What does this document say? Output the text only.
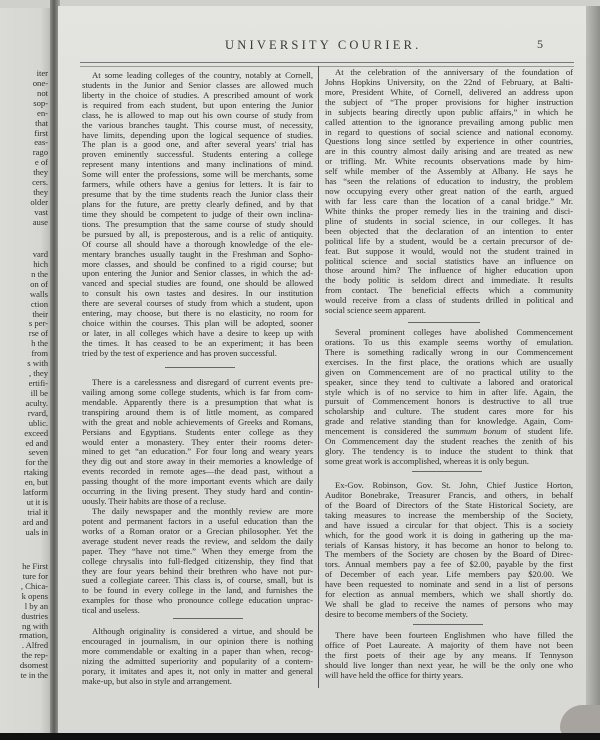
iter
one-
not
sop-
en-
that
first
eas-
rago
e of
they
cers.
they
older
vast
ause
vard
hich
n the
on of
walls
ction
their
s per-
rse of
h the
from
s with
, they
ertifi-
ill be
aculty.
rvard,
ublic.
exceed
ed and
seven
for the
rtaking
en, but
latform
ut it is
trial it
ard and
uals in
he First
ture for
, Chica-
k opens
l by an
dustries
ng with
rmation,
. Alfred
the rep-
dsomest
te in the
UNIVERSITY COURIER.	5
At some leading colleges of the country, notably at Cornell,
students in the Junior and Senior classes are allowed much
liberty in the choice of studies. A prescribed amount of work
is required from each student, but upon entering the Junior
class, he is allowed to map out his own course of study from
the various branches taught. This course must, of necessity,
have limits, depending upon the logical sequence of studies.
The plan is a good one, and after several years' trial has
proven eminently successful. Students entering a college
represent many intentions and many inclinations of mind.
Some will enter the professions, some will be merchants, some
farmers, while others have a genius for letters. It is fair to
presume that by the time students reach the Junior class their
plans for the future, are pretty clearly defined, and by that
time they should be competent to judge of their own inclina-
tions. The presumption that the same course of study should
be pursued by all, is preposterous, and is a relic of antiquity.
Of course all should have a thorough knowledge of the ele-
mentary branches usually taught in the Freshman and Sopho-
more classes, and should be confined to a rigid course; but
upon entering the Junior and Senior classes, in which the ad-
vanced and special studies are found, one should be allowed
to consult his own tastes and desires. In our institution
there are several courses of study from which a student, upon
entering, may choose, but there is no elasticity, no room for
choice within the courses. This plan will be adopted, sooner
or later, in all colleges which have a desire to keep up with
the times. It has ceased to be an experiment; it has been
tried by the test of experience and has proven successful.
There is a carelessness and disregard of current events pre-
vailing among some college students, which is far from com-
mendable. Apparently there is a presumption that what is
transpiring around them is of little moment, as compared
with the great and noble achievements of Greeks and Romans,
Persians and Egyptians. Students enter college as they
would enter a monastery. They enter their rooms deter-
mined to get “an education.” For four long and weary years
they dig out and store away in their memories a knowledge of
events recorded in remote ages—the dead past, without a
passing thought of the more important events which are daily
occurring in the living present. They study hard and contin-
uously. Their habits are those of a recluse.
The daily newspaper and the monthly review are more
potent and permanent factors in a useful education than the
works of a Roman orator or a Grecian philosopher. Yet the
average student never reads the review, and seldom the daily
paper. They “have not time.” When they emerge from the
college chrysalis into full-fledged citizenship, they find that
they are four years behind their brethren who have not pur-
sued a collegiate career. This class is, of course, small, but is
to be found in every college in the land, and furnishes the
examples for those who pronounce college education unprac-
tical and useless.
Although originality is considered a virtue, and should be
encouraged in journalism, in our opinion there is nothing
more commendable or exalting in a paper than when, recog-
nizing the admitted superiority and popularity of a contem-
porary, it imitates and apes it, not only in matter and general
make-up, but also in style and arrangement.
At the celebration of the anniversary of the foundation of
Johns Hopkins University, on the 22nd of February, at Balti-
more, President White, of Cornell, delivered an address upon
the subject of “The proper provisions for higher instruction
in subjects bearing directly upon public affairs,” in which he
called attention to the ignorance prevailing among public men
in regard to questions of social science and national economy.
Questions long since settled by experience in other countries,
are in this country almost daily arising and are treated as new
or trifling. Mr. White recounts observations made by him-
self while member of the Assembly at Albany. He says he
has “seen the relations of education to industry, the problem
now occupying every other great nation of the earth, argued
with far less care than the location of a canal bridge.” Mr.
White thinks the proper remedy lies in the training and disci-
pline of students in social science, in our colleges. It has
been objected that the declaration of an intention to enter
political life by a student, would be a certain precursor of de-
feat. But suppose it would, would not the student trained in
political science and social statistics have an influence on
those around him? The influence of higher education upon
the body politic is seldom direct and immediate. It results
from contact. The beneficial effects which a community
would receive from a class of students drilled in political and
social science seem apparent.
Several prominent colleges have abolished Commencement
orations. To us this example seems worthy of emulation.
There is something radically wrong in our Commencement
exercises. In the first place, the orations which are usually
given on Commencement are of no practical utility to the
speaker, since they tend to cultivate a labored and oratorical
style which is of no service to him in after life. Again, the
pursuit of Commencement honors is destructive to all true
scholarship and culture. The student cares more for his
grade and relative standing than for knowledge. Again, Com-
mencement is considered the summum bonum of student life.
On Commencement day the student reaches the zenith of his
glory. The tendency is to induce the student to think that
some great work is accomplished, whereas it is only begun.
Ex-Gov. Robinson, Gov. St. John, Chief Justice Horton,
Auditor Bonebrake, Treasurer Francis, and others, in behalf
of the Board of Directors of the State Historical Society, are
taking measures to increase the membership of the Society,
and have issued a circular for that object. This is a society
which, for the good work it is doing in gathering up the ma-
terials of Kansas history, it has become an honor to belong to.
The members of the Society are chosen by the Board of Direc-
tors. Annual members pay a fee of $2.00, payable by the first
of December of each year. Life members pay $20.00. We
have been requested to nominate and send in a list of persons
for election as annual members, which we shall shortly do.
We shall be glad to receive the names of persons who may
desire to become members of the Society.
There have been fourteen Englishmen who have filled the
office of Poet Laureate. A majority of them have not been
the first poets of their age by any means. If Tennyson
should live longer than next year, he will be the only one who
will have held the office for thirty years.
